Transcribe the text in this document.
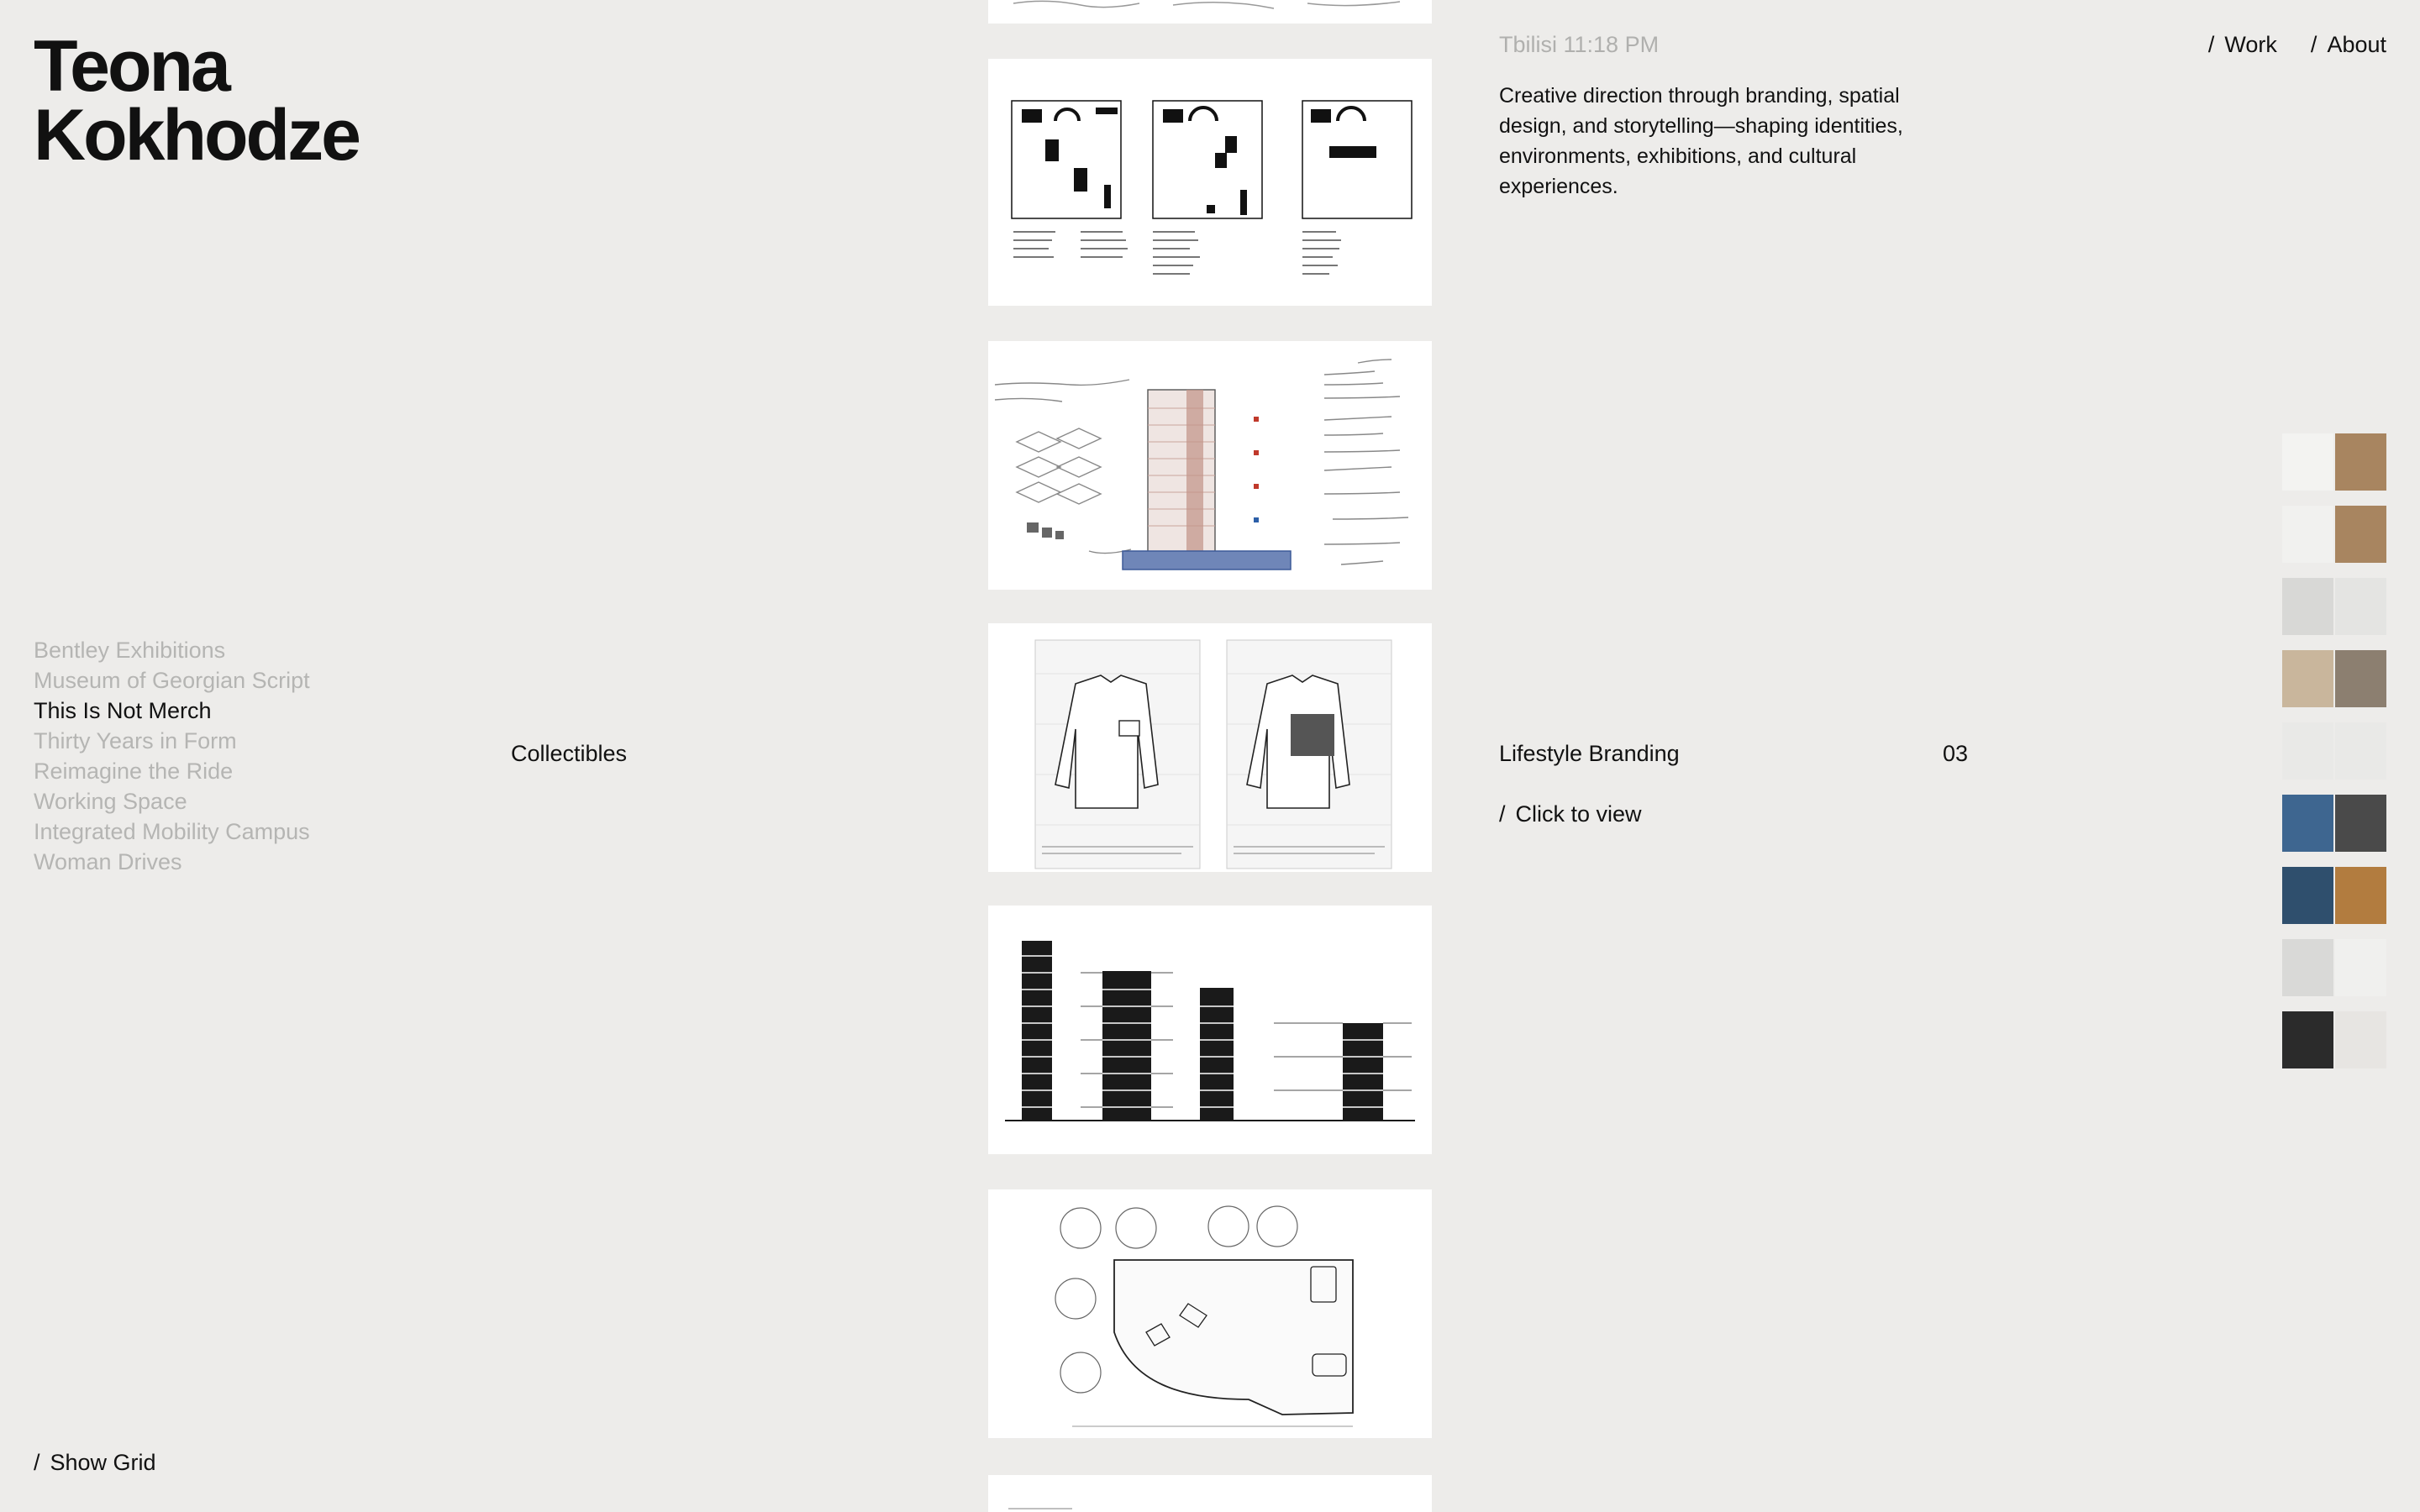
Teona
Kokhodze
Bentley Exhibitions
Museum of Georgian Script
This Is Not Merch
Thirty Years in Form
Reimagine the Ride
Working Space
Integrated Mobility Campus
Woman Drives
/ Show Grid
Collectibles
Tbilisi 11:18 PM
Creative direction through branding, spatial design, and storytelling—shaping identities, environments, exhibitions, and cultural experiences.
/ Work / About
Lifestyle Branding	03
/ Click to view
